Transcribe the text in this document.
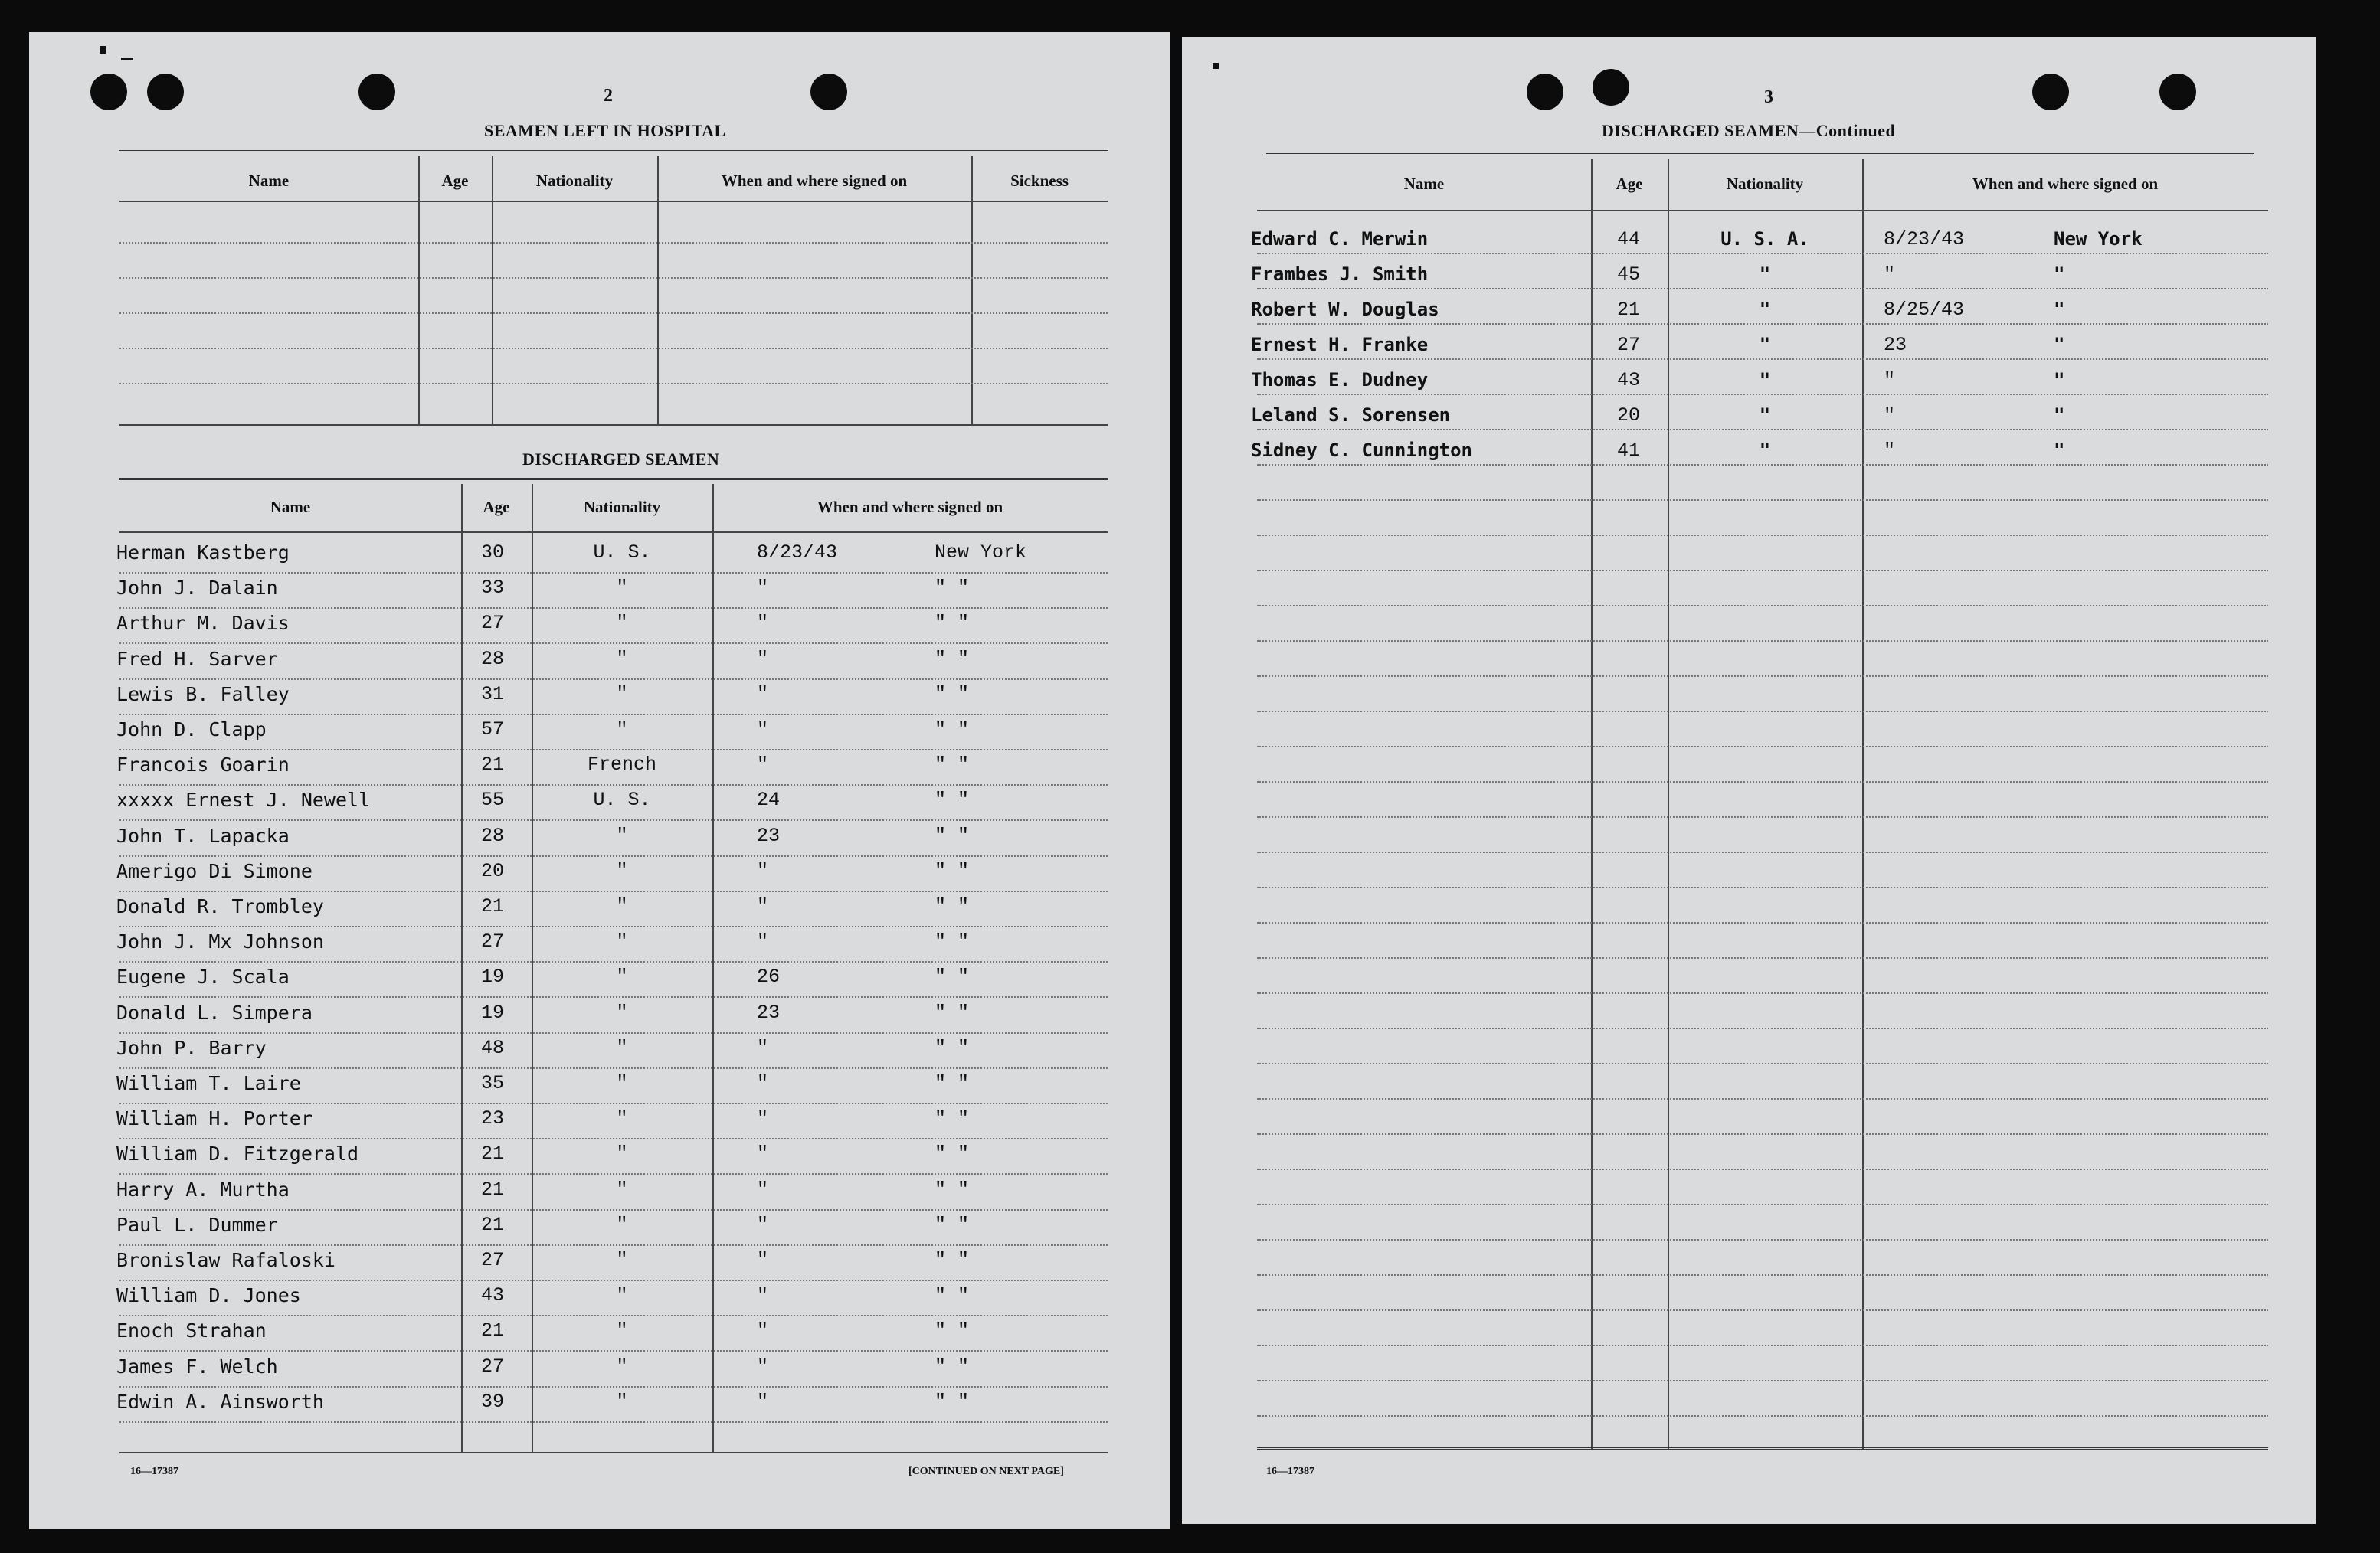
2
SEAMEN LEFT IN HOSPITAL
Name	Age	Nationality	When and where signed on	Sickness
DISCHARGED SEAMEN
Name	Age	Nationality	When and where signed on
Herman Kastberg	30	U. S.	8/23/43	New York
John J. Dalain	33	"	"	" "
Arthur M. Davis	27	"	"	" "
Fred H. Sarver	28	"	"	" "
Lewis B. Falley	31	"	"	" "
John D. Clapp	57	"	"	" "
Francois Goarin	21	French	"	" "
xxxxx Ernest J. Newell	55	U. S.	24	" "
John T. Lapacka	28	"	23	" "
Amerigo Di Simone	20	"	"	" "
Donald R. Trombley	21	"	"	" "
John J. Mx Johnson	27	"	"	" "
Eugene J. Scala	19	"	26	" "
Donald L. Simpera	19	"	23	" "
John P. Barry	48	"	"	" "
William T. Laire	35	"	"	" "
William H. Porter	23	"	"	" "
William D. Fitzgerald	21	"	"	" "
Harry A. Murtha	21	"	"	" "
Paul L. Dummer	21	"	"	" "
Bronislaw Rafaloski	27	"	"	" "
William D. Jones	43	"	"	" "
Enoch Strahan	21	"	"	" "
James F. Welch	27	"	"	" "
Edwin A. Ainsworth	39	"	"	" "
16—17387	[CONTINUED ON NEXT PAGE]
3
DISCHARGED SEAMEN—Continued
Name	Age	Nationality	When and where signed on
Edward C. Merwin	44	U. S. A.	8/23/43	New York
Frambes J. Smith	45	"	"	"
Robert W. Douglas	21	"	8/25/43	"
Ernest H. Franke	27	"	23	"
Thomas E. Dudney	43	"	"	"
Leland S. Sorensen	20	"	"	"
Sidney C. Cunnington	41	"	"	"
16—17387
